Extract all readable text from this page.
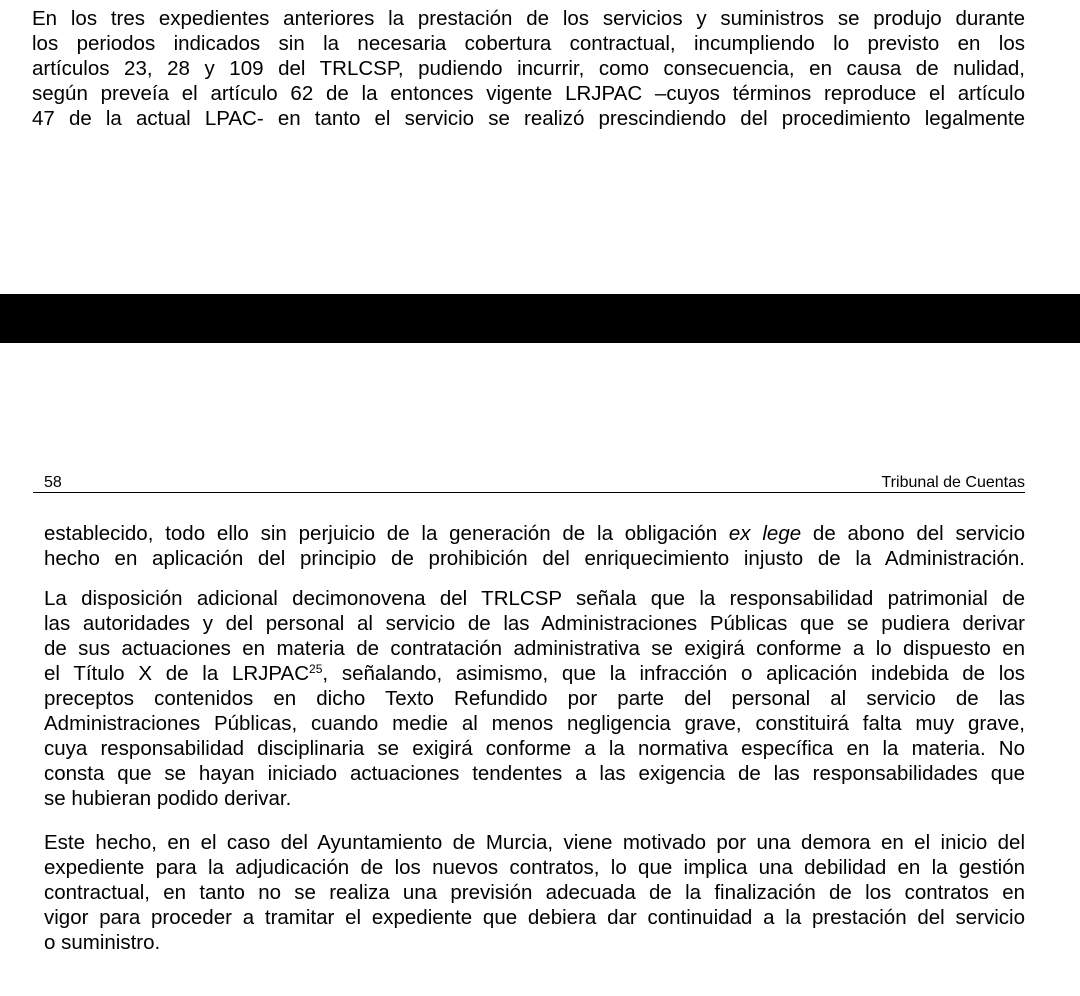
En los tres expedientes anteriores la prestación de los servicios y suministros se produjo durante
los periodos indicados sin la necesaria cobertura contractual, incumpliendo lo previsto en los
artículos 23, 28 y 109 del TRLCSP, pudiendo incurrir, como consecuencia, en causa de nulidad,
según preveía el artículo 62 de la entonces vigente LRJPAC –cuyos términos reproduce el artículo
47 de la actual LPAC- en tanto el servicio se realizó prescindiendo del procedimiento legalmente
58	Tribunal de Cuentas
establecido, todo ello sin perjuicio de la generación de la obligación ex lege de abono del servicio
hecho en aplicación del principio de prohibición del enriquecimiento injusto de la Administración.
La disposición adicional decimonovena del TRLCSP señala que la responsabilidad patrimonial de
las autoridades y del personal al servicio de las Administraciones Públicas que se pudiera derivar
de sus actuaciones en materia de contratación administrativa se exigirá conforme a lo dispuesto en
el Título X de la LRJPAC$^{25}$, señalando, asimismo, que la infracción o aplicación indebida de los
preceptos contenidos en dicho Texto Refundido por parte del personal al servicio de las
Administraciones Públicas, cuando medie al menos negligencia grave, constituirá falta muy grave,
cuya responsabilidad disciplinaria se exigirá conforme a la normativa específica en la materia. No
consta que se hayan iniciado actuaciones tendentes a las exigencia de las responsabilidades que
se hubieran podido derivar.
Este hecho, en el caso del Ayuntamiento de Murcia, viene motivado por una demora en el inicio del
expediente para la adjudicación de los nuevos contratos, lo que implica una debilidad en la gestión
contractual, en tanto no se realiza una previsión adecuada de la finalización de los contratos en
vigor para proceder a tramitar el expediente que debiera dar continuidad a la prestación del servicio
o suministro.
